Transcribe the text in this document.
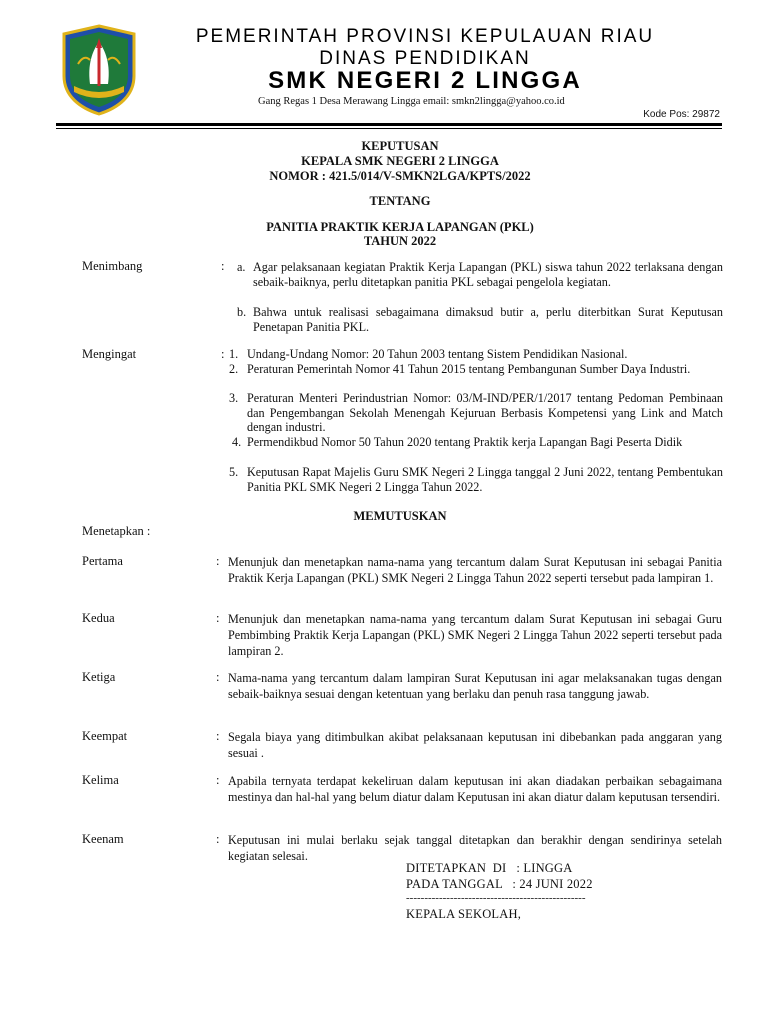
PEMERINTAH PROVINSI KEPULAUAN RIAU
DINAS PENDIDIKAN
SMK NEGERI 2 LINGGA
Gang Regas 1 Desa Merawang Lingga email: smkn2lingga@yahoo.co.id
Kode Pos: 29872
KEPUTUSAN
KEPALA SMK NEGERI 2 LINGGA
NOMOR : 421.5/014/V-SMKN2LGA/KPTS/2022
TENTANG
PANITIA PRAKTIK KERJA LAPANGAN (PKL)
TAHUN 2022
Menimbang	: a. Agar pelaksanaan kegiatan Praktik Kerja Lapangan (PKL) siswa tahun 2022 terlaksana dengan sebaik-baiknya, perlu ditetapkan panitia PKL sebagai pengelola kegiatan.
b. Bahwa untuk realisasi sebagaimana dimaksud butir a, perlu diterbitkan Surat Keputusan Penetapan Panitia PKL.
Mengingat	: 1. Undang-Undang Nomor: 20 Tahun 2003 tentang Sistem Pendidikan Nasional.
2. Peraturan Pemerintah Nomor 41 Tahun 2015 tentang Pembangunan Sumber Daya Industri.
3. Peraturan Menteri Perindustrian Nomor: 03/M-IND/PER/1/2017 tentang Pedoman Pembinaan dan Pengembangan Sekolah Menengah Kejuruan Berbasis Kompetensi yang Link and Match dengan industri.
4. Permendikbud Nomor 50 Tahun 2020 tentang Praktik kerja Lapangan Bagi Peserta Didik
5. Keputusan Rapat Majelis Guru SMK Negeri 2 Lingga tanggal 2 Juni 2022, tentang Pembentukan Panitia PKL SMK Negeri 2 Lingga Tahun 2022.
MEMUTUSKAN
Menetapkan :
Pertama	: Menunjuk dan menetapkan nama-nama yang tercantum dalam Surat Keputusan ini sebagai Panitia Praktik Kerja Lapangan (PKL) SMK Negeri 2 Lingga Tahun 2022 seperti tersebut pada lampiran 1.
Kedua	: Menunjuk dan menetapkan nama-nama yang tercantum dalam Surat Keputusan ini sebagai Guru Pembimbing Praktik Kerja Lapangan (PKL) SMK Negeri 2 Lingga Tahun 2022 seperti tersebut pada lampiran 2.
Ketiga	: Nama-nama yang tercantum dalam lampiran Surat Keputusan ini agar melaksanakan tugas dengan sebaik-baiknya sesuai dengan ketentuan yang berlaku dan penuh rasa tanggung jawab.
Keempat	: Segala biaya yang ditimbulkan akibat pelaksanaan keputusan ini dibebankan pada anggaran yang sesuai .
Kelima	: Apabila ternyata terdapat kekeliruan dalam keputusan ini akan diadakan perbaikan sebagaimana mestinya dan hal-hal yang belum diatur dalam Keputusan ini akan diatur dalam keputusan tersendiri.
Keenam	: Keputusan ini mulai berlaku sejak tanggal ditetapkan dan berakhir dengan sendirinya setelah kegiatan selesai.
DITETAPKAN  DI   : LINGGA
PADA TANGGAL   : 24 JUNI 2022
-------------------------------------------------
KEPALA SEKOLAH,
